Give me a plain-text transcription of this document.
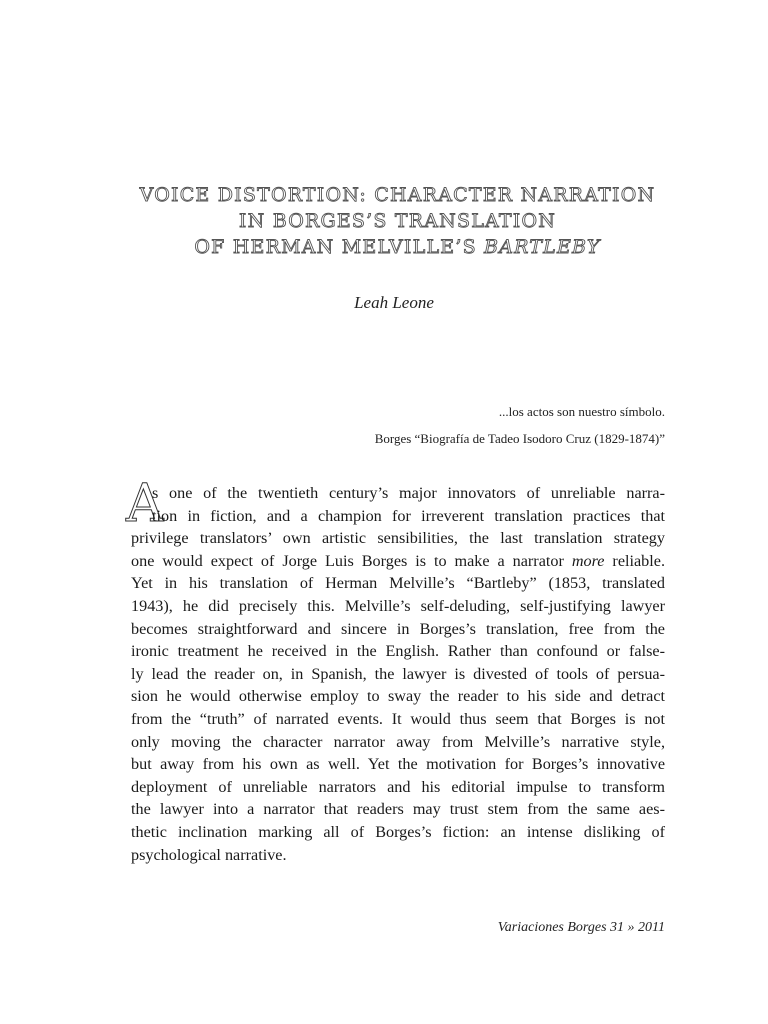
VOICE DISTORTION: CHARACTER NARRATION
IN BORGES’S TRANSLATION
OF HERMAN MELVILLE’S BARTLEBY
Leah Leone
...los actos son nuestro símbolo.
Borges “Biografía de Tadeo Isodoro Cruz (1829-1874)”
A
s one of the twentieth century’s major innovators of unreliable narra-
tion in fiction, and a champion for irreverent translation practices that
privilege translators’ own artistic sensibilities, the last translation strategy
one would expect of Jorge Luis Borges is to make a narrator more reliable.
Yet in his translation of Herman Melville’s “Bartleby” (1853, translated
1943), he did precisely this. Melville’s self-deluding, self-justifying lawyer
becomes straightforward and sincere in Borges’s translation, free from the
ironic treatment he received in the English. Rather than confound or false-
ly lead the reader on, in Spanish, the lawyer is divested of tools of persua-
sion he would otherwise employ to sway the reader to his side and detract
from the “truth” of narrated events. It would thus seem that Borges is not
only moving the character narrator away from Melville’s narrative style,
but away from his own as well. Yet the motivation for Borges’s innovative
deployment of unreliable narrators and his editorial impulse to transform
the lawyer into a narrator that readers may trust stem from the same aes-
thetic inclination marking all of Borges’s fiction: an intense disliking of
psychological narrative.
Variaciones Borges 31 » 2011
